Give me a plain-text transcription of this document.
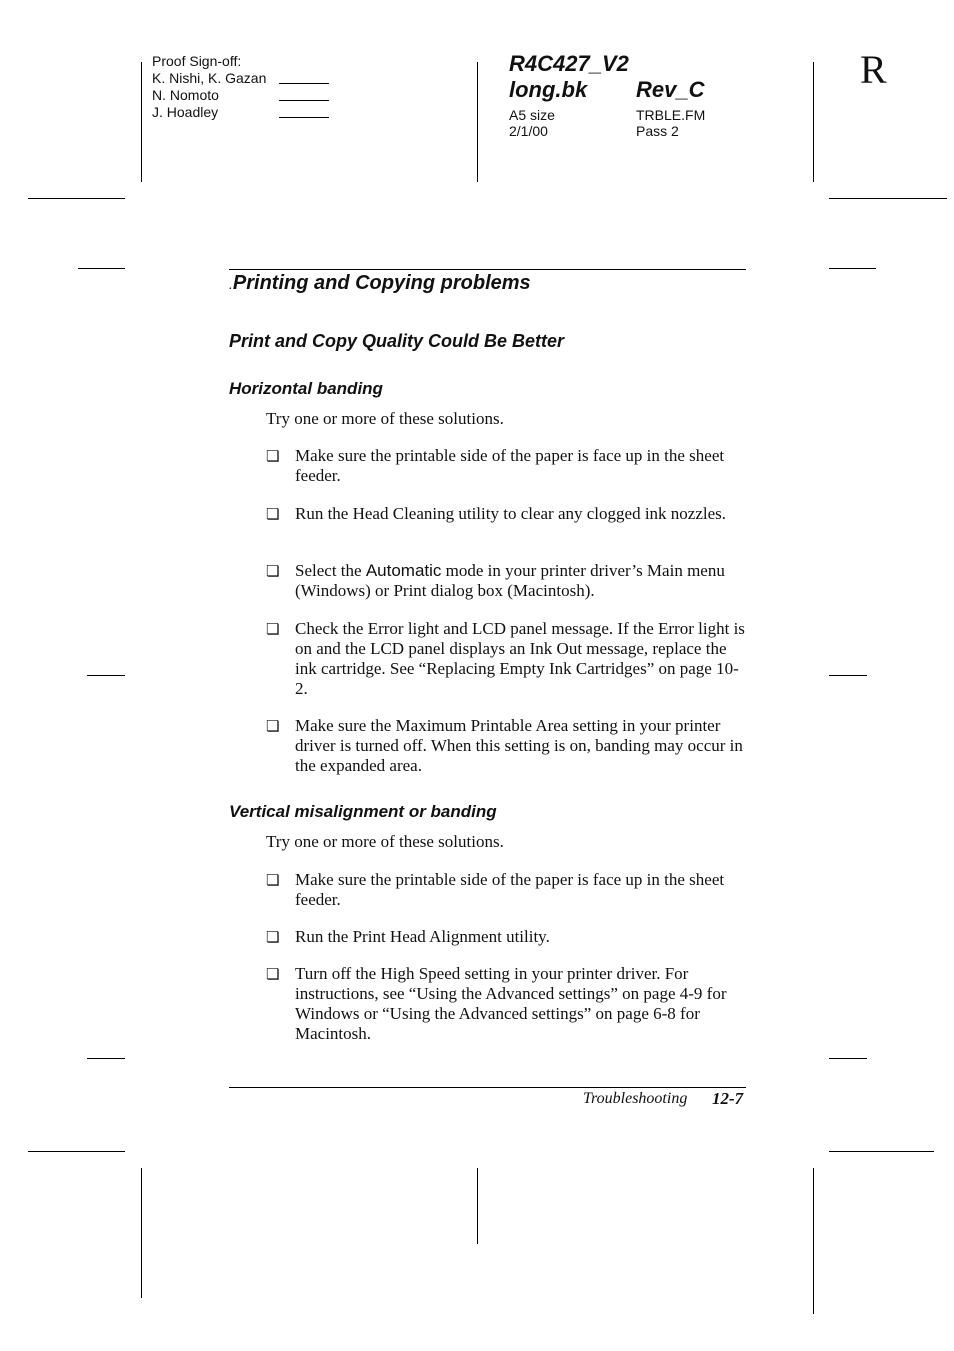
Proof Sign-off:
K. Nishi, K. Gazan
N. Nomoto
J. Hoadley
R4C427_V2
long.bk Rev_C
A5 size	TRBLE.FM
2/1/00	Pass 2
R
.Printing and Copying problems
Print and Copy Quality Could Be Better
Horizontal banding
Try one or more of these solutions.
❏ Make sure the printable side of the paper is face up in the sheet feeder.
❏ Run the Head Cleaning utility to clear any clogged ink nozzles.
❏ Select the Automatic mode in your printer driver’s Main menu (Windows) or Print dialog box (Macintosh).
❏ Check the Error light and LCD panel message. If the Error light is on and the LCD panel displays an Ink Out message, replace the ink cartridge. See “Replacing Empty Ink Cartridges” on page 10-2.
❏ Make sure the Maximum Printable Area setting in your printer driver is turned off. When this setting is on, banding may occur in the expanded area.
Vertical misalignment or banding
Try one or more of these solutions.
❏ Make sure the printable side of the paper is face up in the sheet feeder.
❏ Run the Print Head Alignment utility.
❏ Turn off the High Speed setting in your printer driver. For instructions, see “Using the Advanced settings” on page 4-9 for Windows or “Using the Advanced settings” on page 6-8 for Macintosh.
Troubleshooting 12-7
